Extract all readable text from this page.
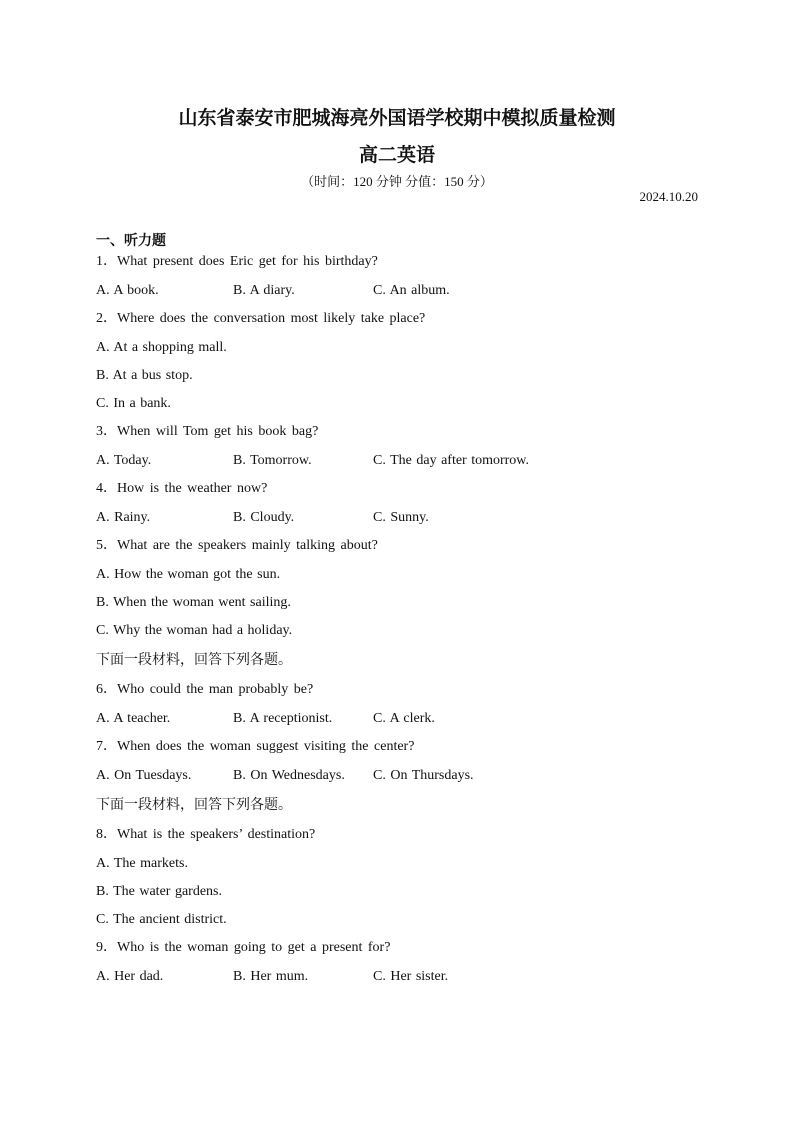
山东省泰安市肥城海亮外国语学校期中模拟质量检测
高二英语
（时间：120 分钟 分值：150 分）
2024.10.20
一、听力题
1．What present does Eric get for his birthday?
A. A book.	B. A diary.	C. An album.
2．Where does the conversation most likely take place?
A. At a shopping mall.
B. At a bus stop.
C. In a bank.
3．When will Tom get his book bag?
A. Today.	B. Tomorrow.	C. The day after tomorrow.
4．How is the weather now?
A. Rainy.	B. Cloudy.	C. Sunny.
5．What are the speakers mainly talking about?
A. How the woman got the sun.
B. When the woman went sailing.
C. Why the woman had a holiday.
下面一段材料，回答下列各题。
6．Who could the man probably be?
A. A teacher.	B. A receptionist.	C. A clerk.
7．When does the woman suggest visiting the center?
A. On Tuesdays.	B. On Wednesdays.	C. On Thursdays.
下面一段材料，回答下列各题。
8．What is the speakers’ destination?
A. The markets.
B. The water gardens.
C. The ancient district.
9．Who is the woman going to get a present for?
A. Her dad.	B. Her mum.	C. Her sister.
